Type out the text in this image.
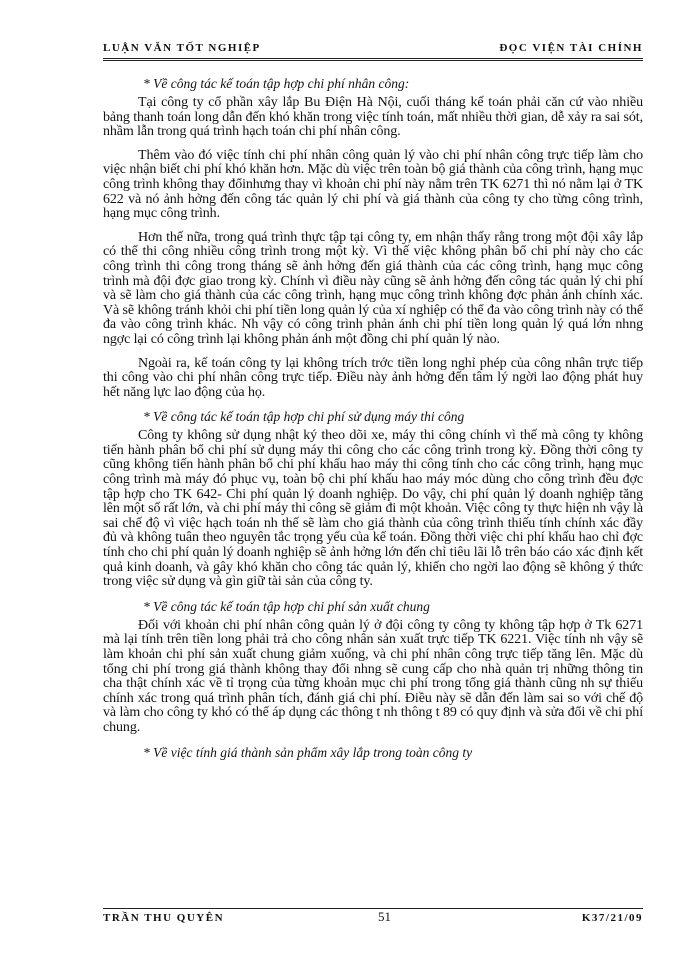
LUẬN VĂN TỐT NGHIỆP	ĐỌC VIỆN TÀI CHÍNH
* Về công tác kế toán tập hợp chi phí nhân công:

Tại công ty cổ phần xây lắp Bu Điện Hà Nội, cuối tháng kế toán phải căn cứ vào nhiều bảng thanh toán long dẫn đến khó khăn trong việc tính toán, mất nhiều thời gian, dễ xảy ra sai sót, nhầm lẫn trong quá trình hạch toán chi phí nhân công.

Thêm vào đó việc tính chi phí nhân công quản lý vào chi phí nhân công trực tiếp làm cho việc nhận biết chi phí khó khăn hơn. Mặc dù việc trên toàn bộ giá thành của công trình, hạng mục công trình không thay đổinhưng thay vì khoản chi phí này nằm trên TK 6271 thì nó nằm lại ở TK 622 và nó ảnh hởng đến công tác quản lý chi phí và giá thành của công ty cho từng công trình, hạng mục công trình.

Hơn thế nữa, trong quá trình thực tập tại công ty, em nhận thấy rằng trong một đội xây lắp có thể thi công nhiều công trình trong một kỳ. Vì thế việc không phân bổ chi phí này cho các công trình thi công trong tháng sẽ ảnh hởng đến giá thành của các công trình, hạng mục công trình mà đội đợc giao trong kỳ. Chính vì điều này cũng sẽ ảnh hởng đến công tác quản lý chi phí và sẽ làm cho giá thành của các công trình, hạng mục công trình không đợc phản ánh chính xác. Và sẽ không tránh khỏi chi phí tiền long quản lý của xí nghiệp có thể đa vào công trình này có thể đa vào công trình khác. Nh vậy có công trình phản ánh chi phí tiền long quản lý quá lớn nhng ngợc lại có công trình lại không phản ánh một đồng chi phí quản lý nào.

Ngoài ra, kế toán công ty lại không trích trớc tiền long nghỉ phép của công nhân trực tiếp thi công vào chi phí nhân công trực tiếp. Điều này ảnh hởng đến tâm lý ngời lao động phát huy hết năng lực lao động của họ.

* Về công tác kế toán tập hợp chi phí sử dụng máy thi công

Công ty không sử dụng nhật ký theo dõi xe, máy thi công chính vì thế mà công ty không tiến hành phân bổ chi phí sử dụng máy thi công cho các công trình trong kỳ. Đồng thời công ty cũng không tiến hành phân bổ chi phí khấu hao máy thi công tính cho các công trình, hạng mục công trình mà máy đó phục vụ, toàn bộ chi phí khấu hao máy móc dùng cho công trình đều đợc tập hợp cho TK 642- Chi phí quản lý doanh nghiệp. Do vậy, chi phí quản lý doanh nghiệp tăng lên một số rất lớn, và chi phí máy thi công sẽ giảm đi một khoản. Việc công ty thực hiện nh vậy là sai chế độ vì việc hạch toán nh thế sẽ làm cho giá thành của công trình thiếu tính chính xác đầy đủ và không tuân theo nguyên tắc trọng yếu của kế toán. Đồng thời việc chi phí khấu hao chỉ đợc tính cho chi phí quản lý doanh nghiệp sẽ ảnh hởng lớn đến chỉ tiêu lãi lỗ trên báo cáo xác định kết quả kinh doanh, và gây khó khăn cho công tác quản lý, khiến cho ngời lao động sẽ không ý thức trong việc sử dụng và gìn giữ tài sản của công ty.

* Về công tác kế toán tập hợp chi phí sản xuất chung

Đối với khoản chi phí nhân công quản lý ở đội công ty công ty không tập hợp ở Tk 6271 mà lại tính trên tiền long phải trả cho công nhân sản xuất trực tiếp TK 6221. Việc tính nh vậy sẽ làm khoản chi phí sản xuất chung giảm xuống, và chi phí nhân công trực tiếp tăng lên. Mặc dù tổng chi phí trong giá thành không thay đổi nhng sẽ cung cấp cho nhà quản trị những thông tin cha thật chính xác về tỉ trọng của từng khoản mục chi phí trong tổng giá thành cũng nh sự thiếu chính xác trong quá trình phân tích, đánh giá chi phí. Điều này sẽ dẫn đến làm sai so với chế độ và làm cho công ty khó có thể áp dụng các thông t nh thông t 89 có quy định và sửa đổi về chi phí chung.

* Về việc tính giá thành sản phẩm xây lắp trong toàn công ty
TRẦN THU QUYÊN	51	K37/21/09
